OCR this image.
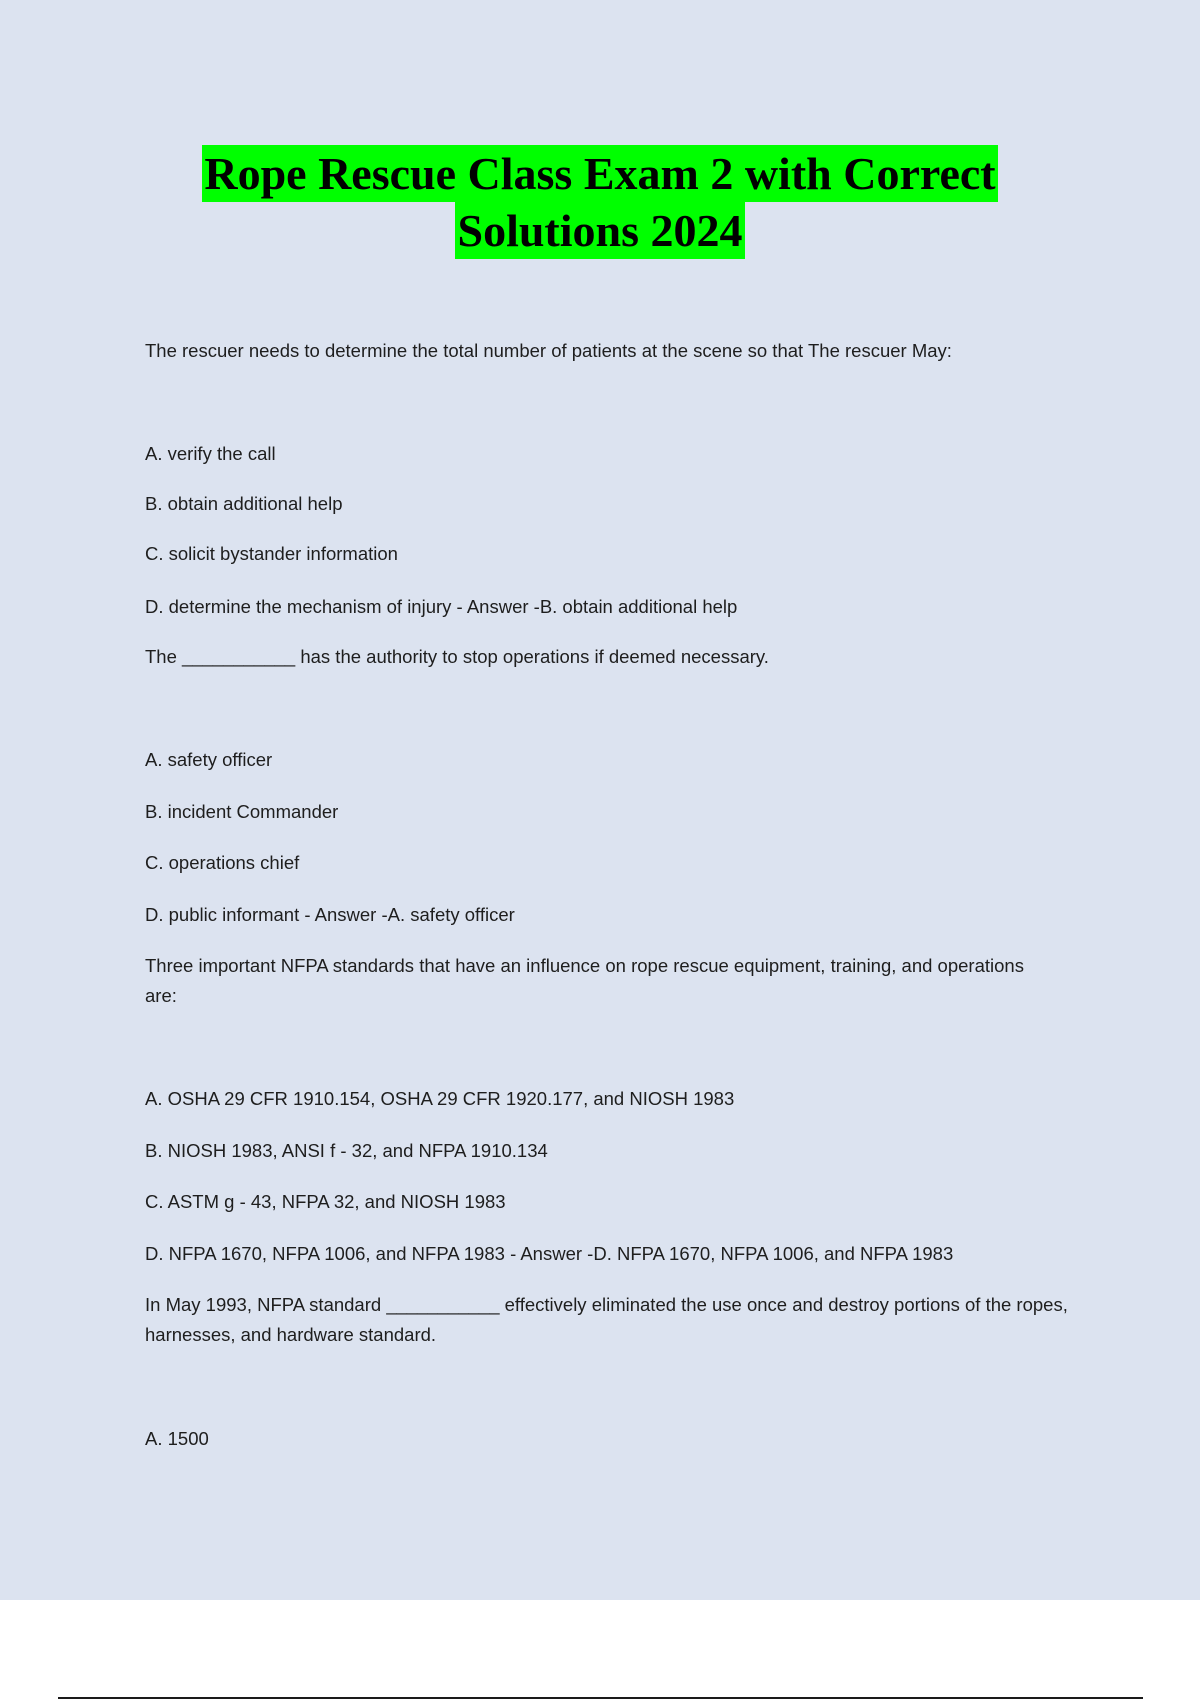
Rope Rescue Class Exam 2 with Correct
Solutions 2024

The rescuer needs to determine the total number of patients at the scene so that The rescuer May:

A. verify the call

B. obtain additional help

C. solicit bystander information

D. determine the mechanism of injury - Answer -B. obtain additional help

The ___________ has the authority to stop operations if deemed necessary.

A. safety officer

B. incident Commander

C. operations chief

D. public informant - Answer -A. safety officer

Three important NFPA standards that have an influence on rope rescue equipment, training, and operations are:

A. OSHA 29 CFR 1910.154, OSHA 29 CFR 1920.177, and NIOSH 1983

B. NIOSH 1983, ANSI f - 32, and NFPA 1910.134

C. ASTM g - 43, NFPA 32, and NIOSH 1983

D. NFPA 1670, NFPA 1006, and NFPA 1983 - Answer -D. NFPA 1670, NFPA 1006, and NFPA 1983

In May 1993, NFPA standard ___________ effectively eliminated the use once and destroy portions of the ropes, harnesses, and hardware standard.

A. 1500
